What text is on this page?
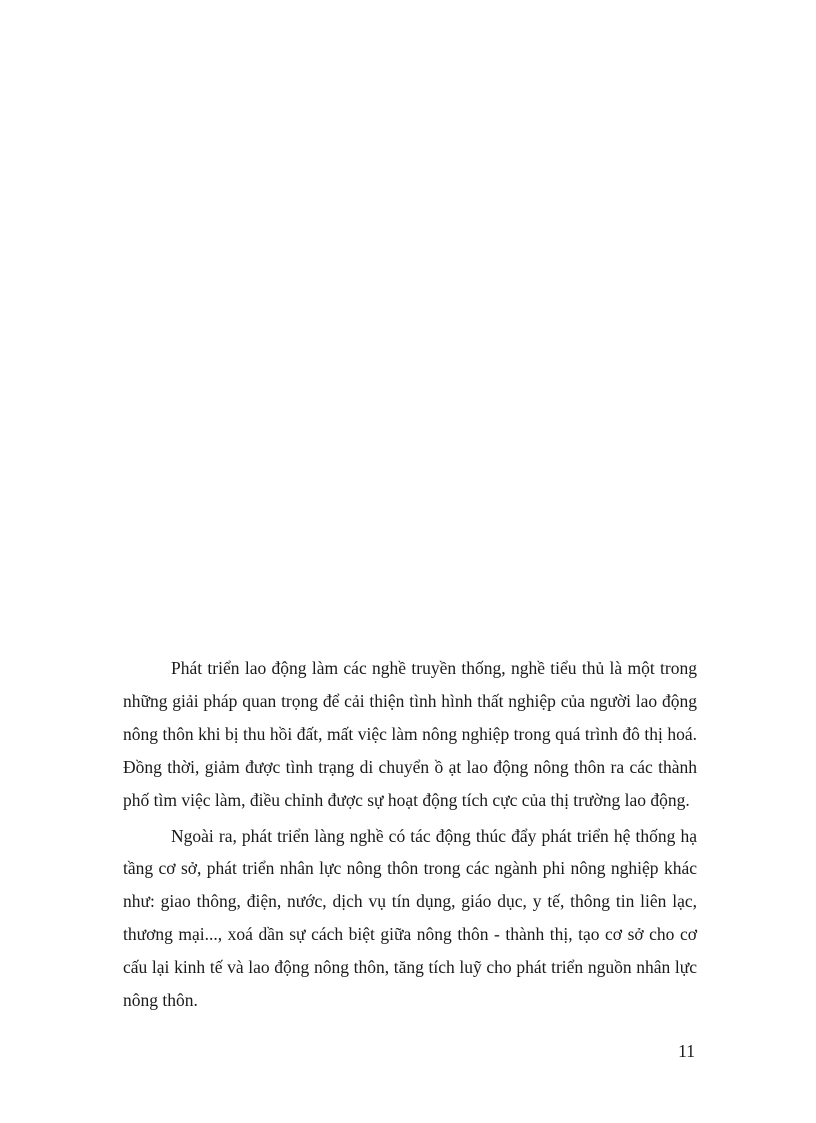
Phát triển lao động làm các nghề truyền thống, nghề tiểu thủ là một trong những giải pháp quan trọng để cải thiện tình hình thất nghiệp của người lao động nông thôn khi bị thu hồi đất, mất việc làm nông nghiệp trong quá trình đô thị hoá. Đồng thời, giảm được tình trạng di chuyển ồ ạt lao động nông thôn ra các thành phố tìm việc làm, điều chỉnh được sự hoạt động tích cực của thị trường lao động.

Ngoài ra, phát triển làng nghề có tác động thúc đẩy phát triển hệ thống hạ tầng cơ sở, phát triển nhân lực nông thôn trong các ngành phi nông nghiệp khác như: giao thông, điện, nước, dịch vụ tín dụng, giáo dục, y tế, thông tin liên lạc, thương mại..., xoá dần sự cách biệt giữa nông thôn - thành thị, tạo cơ sở cho cơ cấu lại kinh tế và lao động nông thôn, tăng tích luỹ cho phát triển nguồn nhân lực nông thôn.

11
